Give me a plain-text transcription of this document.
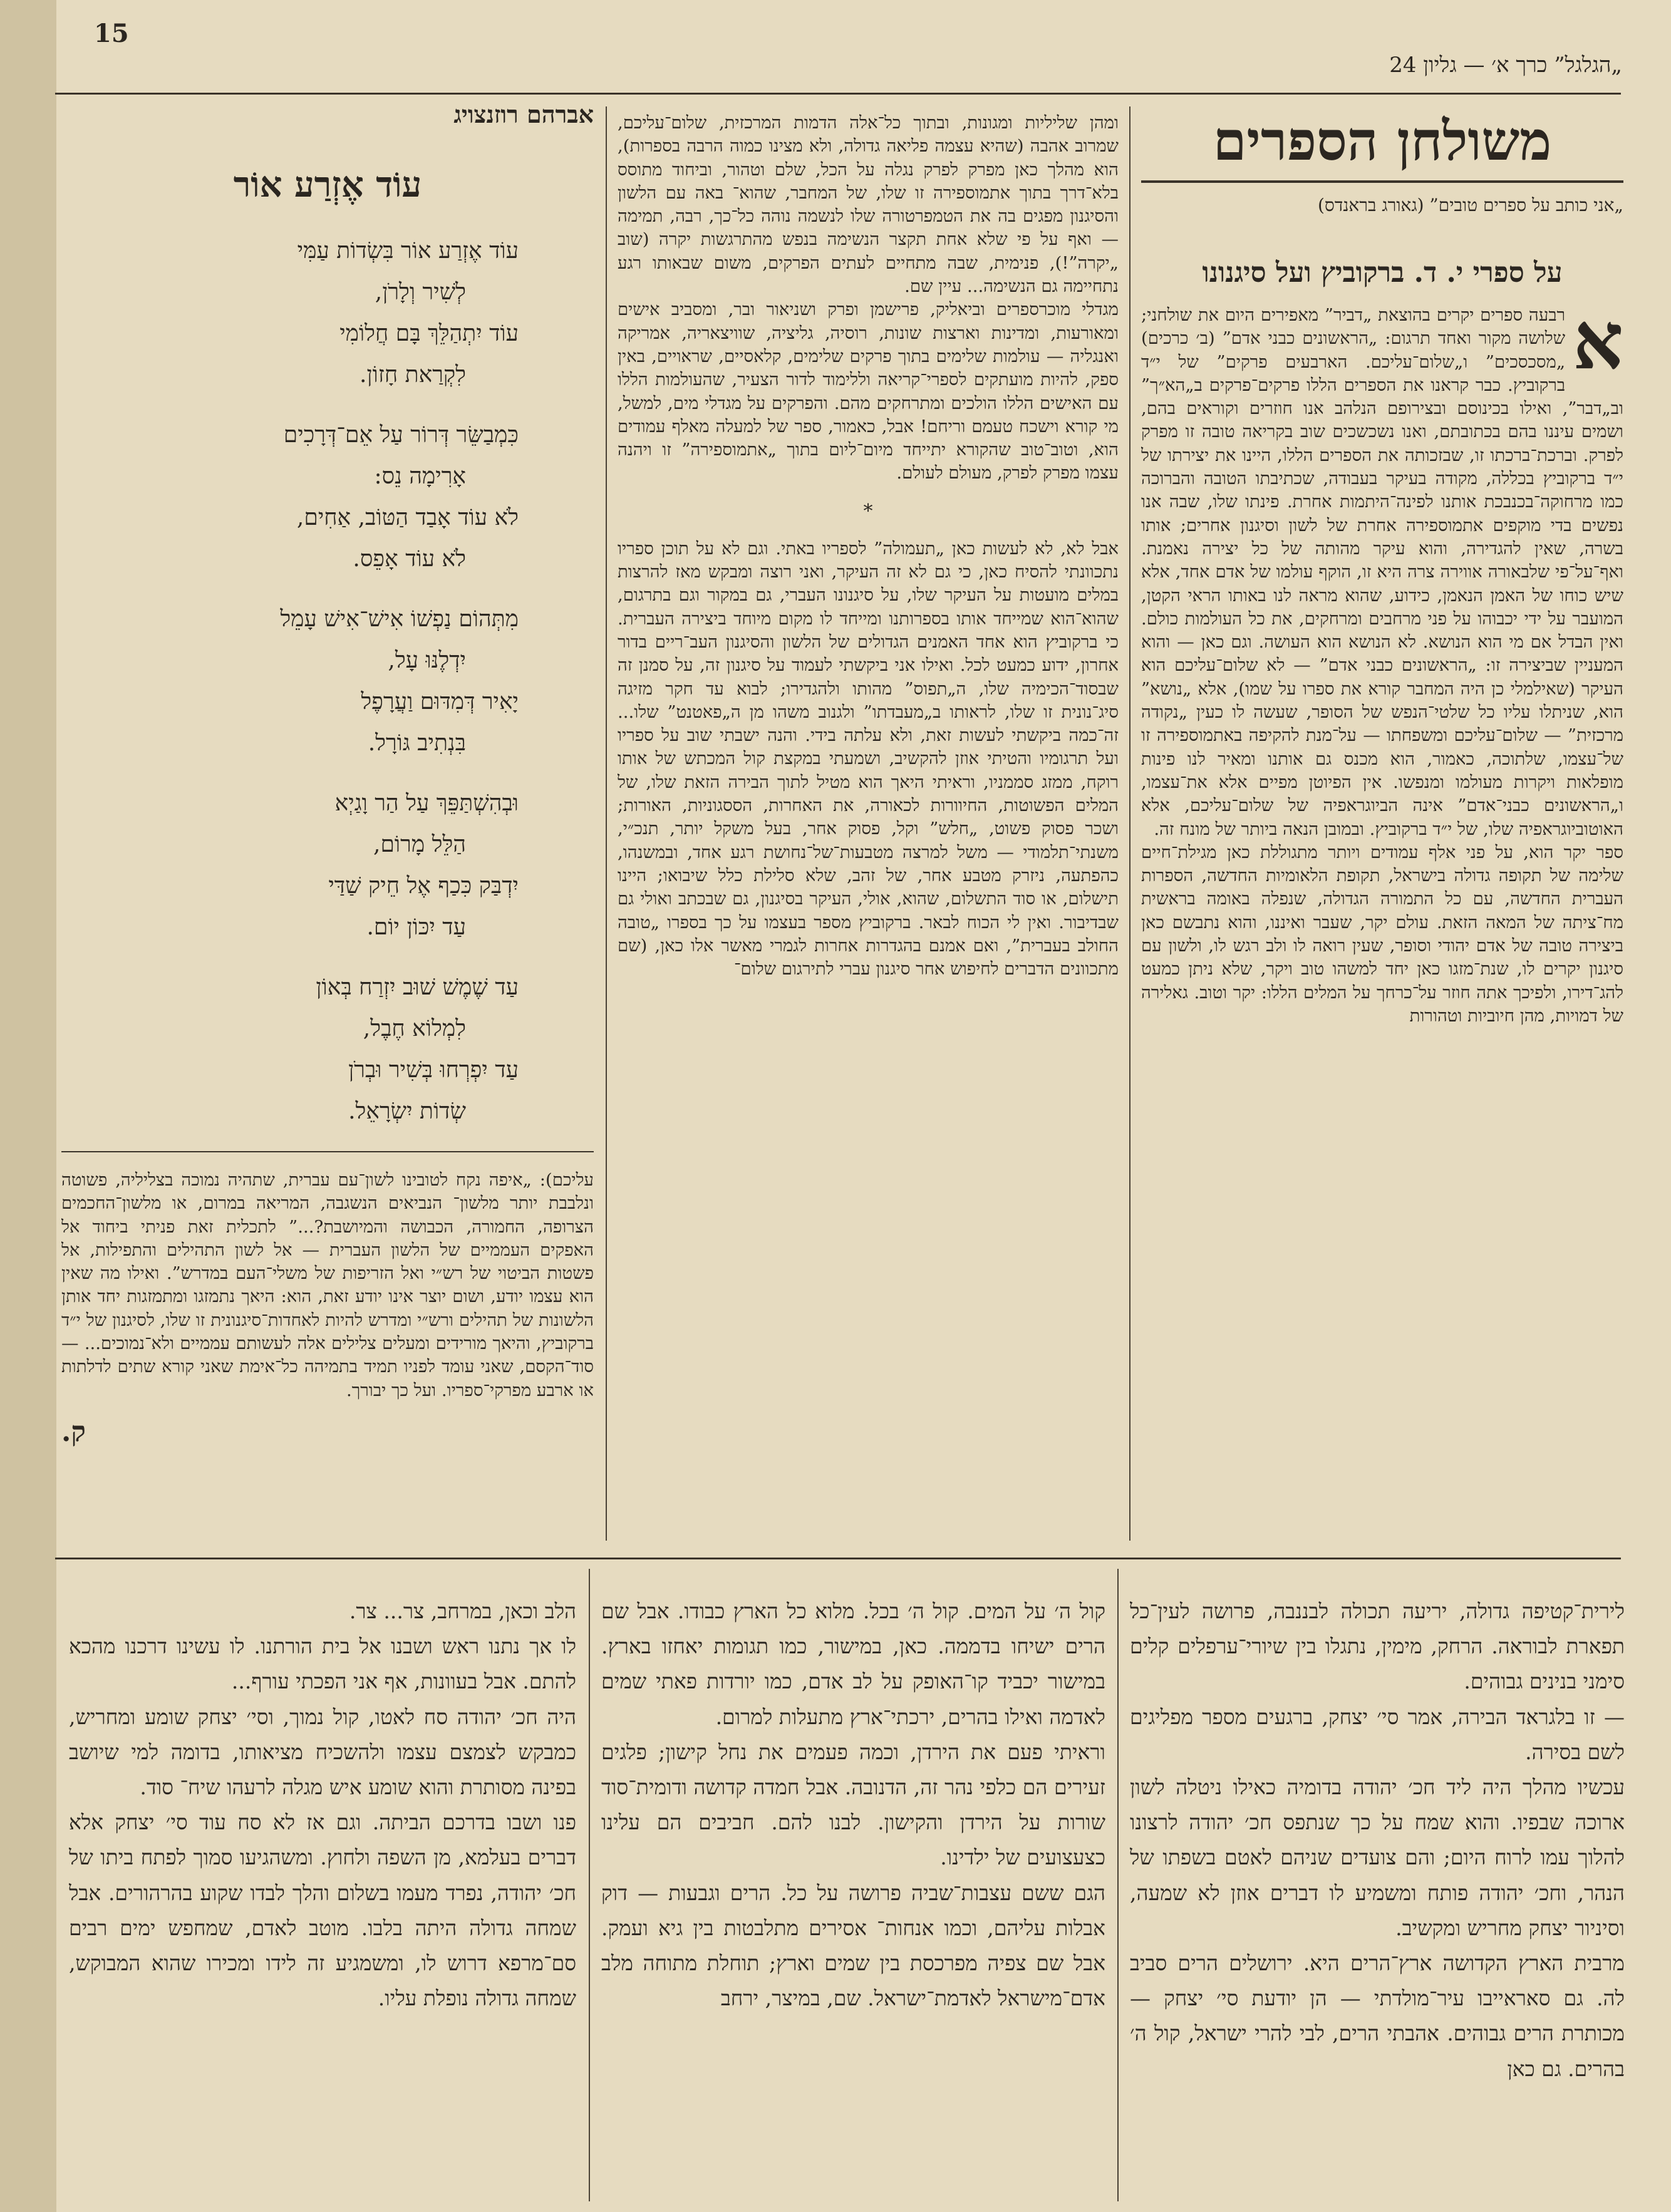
15
„הגלגל” כרך א׳ — גליון 24
משולחן הספרים
„אני כותב על ספרים טובים” (גאורג בראנדס)
על ספרי י. ד. ברקוביץ ועל סיגנונו
א
רבעה ספרים יקרים בהוצאת „דביר” מאפירים היום את שולחני; שלושה מקור ואחד תרגום: „הראשונים כבני אדם” (ב׳ כרכים) „מסכסכים” ו„שלום־עליכם. הארבעים פרקים” של י״ד ברקוביץ. כבר קראנו את הספרים הללו פרקים־פרקים ב„הא״ך” וב„דבר”, ואילו בכינוסם ובצירופם הנלהב אנו חוזרים וקוראים בהם, ושמים עיננו בהם בכתובתם, ואנו נשכשכים שוב בקריאה טובה זו מפרק לפרק. וברכת־ברכתו זו, שבזכותה את הספרים הללו, היינו את יצירתו של י״ד ברקוביץ בכללה, מקודה בעיקר בעבודה, שכתיבתו הטובה והברוכה כמו מרחוקה־בכנבכת אותנו לפינה־היתמות אחרת. פינתו שלו, שבה אנו נפשים בדי מוקפים אתמוספירה אחרת של לשון וסיגנון אחרים; אותו בשרה, שאין להגדירה, והוא עיקר מהותה של כל יצירה נאמנת. ואף־על־פי שלבאורה אווירה צרה היא זו, הוקף עולמו של אדם אחד, אלא שיש כוחו של האמן הנאמן, כידוע, שהוא מראה לנו באותו הראי הקטן, המועבר על ידי יכבוהו על פני מרחבים ומרחקים, את כל העולמות כולם. ואין הבדל אם מי הוא הנושא. לא הנושא הוא העושה. וגם כאן — והוא המעניין שביצירה זו: „הראשונים כבני אדם” — לא שלום־עליכם הוא העיקר (שאילמלי כן היה המחבר קורא את ספרו על שמו), אלא „נושא” הוא, שניתלו עליו כל שלטי־הנפש של הסופר, שעשה לו כעין „נקודה מרכזית” — שלום־עליכם ומשפחתו — על־מנת להקיפה באתמוספירה זו של־עצמו, שלתוכה, כאמור, הוא מכנס גם אותנו ומאיר לנו פינות מופלאות ויקרות מעולמו ומנפשו. אין הפיוטן מפיים אלא את־עצמו, ו„הראשונים כבני־אדם” אינה הביוגראפיה של שלום־עליכם, אלא האוטוביוגראפיה שלו, של י״ד ברקוביץ. ובמובן הנאה ביותר של מונח זה.
ספר יקר הוא, על פני אלף עמודים ויותר מתגוללת כאן מגילת־חיים שלימה של תקופה גדולה בישראל, תקופת הלאומיות החדשה, הספרות העברית החדשה, עם כל התמורה הגדולה, שנפלה באומה בראשית מח־ציתה של המאה הזאת. עולם יקר, שעבר ואיננו, והוא נתבשם כאן ביצירה טובה של אדם יהודי וסופר, שעין רואה לו ולב רגש לו, ולשון עם סיגנון יקרים לו, שנת־מזגו כאן יחד למשהו טוב ויקר, שלא ניתן כמעט להג־דירו, ולפיכך אתה חוזר על־כרחך על המלים הללו: יקר וטוב. גאלירה של דמויות, מהן חיוביות וטהורות
ומהן שליליות ומגונות, ובתוך כל־אלה הדמות המרכזית, שלום־עליכם, שמרוב אהבה (שהיא עצמה פליאה גדולה, ולא מצינו כמוה הרבה בספרות), הוא מהלך כאן מפרק לפרק נגלה על הכל, שלם וטהור, וביחוד מתוסס בלא־דרך בתוך אתמוספירה זו שלו, של המחבר, שהוא־ באה עם הלשון והסיגנון מפגים בה את הטמפרטורה שלו לנשמה נוהה כל־כך, רבה, תמימה — ואף על פי שלא אחת תקצר הנשימה בנפש מהתרגשות יקרה (שוב „יקרה”!), פנימית, שבה מתחיים לעתים הפרקים, משום שבאותו רגע נתחיימה גם הנשימה... עיין שם.
מגדלי מוכרספרים וביאליק, פרישמן ופרק ושניאור ובר, ומסביב אישים ומאורעות, ומדינות וארצות שונות, רוסיה, גליציה, שוויצאריה, אמריקה ואנגליה — עולמות שלימים בתוך פרקים שלימים, קלאסיים, שראויים, באין ספק, להיות מועתקים לספרי־קריאה וללימוד לדור הצעיר, שהעולמות הללו עם האישים הללו הולכים ומתרחקים מהם. והפרקים על מגדלי מים, למשל, מי קורא וישכח טעמם וריחם! אבל, כאמור, ספר של למעלה מאלף עמודים הוא, וטוב־טוב שהקורא יתייחד מיום־ליום בתוך „אתמוספירה” זו ויהנה עצמו מפרק לפרק, מעולם לעולם.
*
אבל לא, לא לעשות כאן „תעמולה” לספריו באתי. וגם לא על תוכן ספריו נתכוונתי להסיח כאן, כי גם לא זה העיקר, ואני רוצה ומבקש מאז להרצות במלים מועטות על העיקר שלו, על סיגנונו העברי, גם במקור וגם בתרגום, שהוא־הוא שמייחד אותו בספרותנו ומייחד לו מקום מיוחד ביצירה העברית. כי ברקוביץ הוא אחד האמנים הגדולים של הלשון והסיגנון העב־ריים בדור אחרון, ידוע כמעט לכל. ואילו אני ביקשתי לעמוד על סיגנון זה, על סמנן זה שבסוד־הכימיה שלו, ה„תפוס” מהותו ולהגדירו; לבוא עד חקר מזיגה סיג־נונית זו שלו, לראותו ב„מעבדתו” ולגנוב משהו מן ה„פאטנט” שלו... זה־כמה ביקשתי לעשות זאת, ולא עלתה בידי. והנה ישבתי שוב על ספריו ועל תרגומיו והטיתי אוזן להקשיב, ושמעתי במקצת קול המכתש של אותו רוקח, ממזג סממניו, וראיתי היאך הוא מטיל לתוך הבירה הזאת שלו, של המלים הפשוטות, החיוורות לכאורה, את האחרות, הססגוניות, האורות; ושכר פסוק פשוט, „חלש” וקל, פסוק אחר, בעל משקל יותר, תנכ״י, משנתי־תלמודי — משל למרצה מטבעות־של־נחושת רגע אחד, ובמשנהו, כהפתעה, ניזרק מטבע אחר, של זהב, שלא סלילת כלל שיבואו; היינו תישלום, או סוד התשלום, שהוא, אולי, העיקר בסיגנון, גם שבכתב ואולי גם שבדיבור. ואין לי הכוח לבאר. ברקוביץ מספר בעצמו על כך בספרו „טובה החולב בעברית”, ואם אמנם בהגדרות אחרות לגמרי מאשר אלו כאן, (שם מתכוונים הדברים לחיפוש אחר סיגנון עברי לתירגום שלום־
אברהם רוזנצויג
עוֹד אֶזְרַע אוֹר
עוֹד אֶזְרַע אוֹר בִּשְׂדוֹת עַמִּי
לְשִׁיר וְלָרֹן,
עוֹד יִתְהַלֵּךְ בָּם חֲלוֹמִי
לִקְרַאת חָזוֹן.
כִּמְבַשֵּׂר דְּרוֹר עַל אֵם־דְּרָכִים
אָרִימָה נֵס:
לֹא עוֹד אָבַד הַטּוֹב, אַחִים,
לֹא עוֹד אָפֵס.
מִתְּהוֹם נַפְשׁוֹ אִישׁ־אִישׁ עָמֵל
יִדְלֶנּוּ עָל,
יָאִיר דְּמִדּוּם וַעֲרָפֶל
בִּנְתִיב גּוֹרָל.
וּבְהִשְׁתַּפֵּךְ עַל הַר וָגַיְא
הַלֵּל מָרוֹם,
יִדְבַּק כִּכַף אֶל חֵיק שַׁדַּי
עַד יִכּוֹן יוֹם.
עַד שֶׁמֶשׁ שׁוּב יִזְרַח בְּאוֹן
לִמְלוֹא חֶבֶל,
עַד יִפְרְחוּ בְּשִׁיר וּבְרֹן
שְׂדוֹת יִשְׂרָאֵל.
עליכם): „איפה נקח לטובינו לשון־עם עברית, שתהיה נמוכה בצליליה, פשוטה ונלבבת יותר מלשון־ הנביאים הנשגבה, המריאה במרום, או מלשון־החכמים הצרופה, החמורה, הכבושה והמיושבת?...” לתכלית זאת פניתי ביחוד אל האפקים העממיים של הלשון העברית — אל לשון התהילים והתפילות, אל פשטות הביטוי של רש״י ואל הזריפות של משלי־העם במדרש”. ואילו מה שאין הוא עצמו יודע, ושום יוצר אינו יודע זאת, הוא: היאך נתמזגו ומתמזגות יחד אותן הלשונות של תהילים ורש״י ומדרש להיות לאחדות־סיגנונית זו שלו, לסיגנון של י״ד ברקוביץ, והיאך מורידים ומעלים צלילים אלה לעשותם עממיים ולא־נמוכים... — סוד־הקסם, שאני עומד לפניו תמיד בתמיהה כל־אימת שאני קורא שתים לדלתות או ארבע מפרקי־ספריו. ועל כך יבורך.
ק.
לירי​ת־קטיפה גדולה, יריעה תכולה לבננבה, פרושה לעין־כל תפארת לבוראה. הרחק, מימין, נתגלו בין שיורי־ערפלים קלים סימני בנינים גבוהים.
— זו בלגראד הבירה, אמר סי׳ יצחק, ברגעים מספר מפליגים לשם בסירה.
עכשיו מהלך היה ליד חכ׳ יהודה בדומיה כאילו ניטלה לשון ארוכה שבפיו. והוא שמח על כך שנתפס חכ׳ יהודה לרצונו להלוך עמו לרוח היום; והם צועדים שניהם לאטם בשפתו של הנהר, וחכ׳ יהודה פותח ומשמיע לו דברים אוזן לא שמעה, וסיניור יצחק מחריש ומקשיב.
מרבית הארץ הקדושה ארץ־הרים היא. ירושלים הרים סביב לה. גם סאראייבו עיר־מולדתי — הן יודעת סי׳ יצחק — מכותרת הרים גבוהים. אהבתי הרים, לבי להרי ישראל, קול ה׳ בהרים. גם כאן
קול ה׳ על המים. קול ה׳ בכל. מלוא כל הארץ כבודו. אבל שם הרים ישיחו בדממה. כאן, במישור, כמו תגומות יאחזו בארץ. במישור יכביד קו־האופק על לב אדם, כמו יורדות פאתי שמים לאדמה ואילו בהרים, ירכתי־ארץ מתעלות למרום.
וראיתי פעם את הירדן, וכמה פעמים את נחל קישון; פלגים זעירים הם כלפי נהר זה, הדנובה. אבל חמדה קדושה ודומית־סוד שורות על הירדן והקישון. לבנו להם. חביבים הם עלינו כצעצועים של ילדינו.
הגם ששם עצבות־שביה פרושה על כל. הרים וגבעות — דוק אבלות עליהם, וכמו אנחות־ אסירים מתלבטות בין גיא ועמק. אבל שם צפיה מפרכסת בין שמים וארץ; תוחלת מתוחה מלב אדם־מישראל לאדמת־ישראל. שם, במיצר, ירחב
הלב וכאן, במרחב, צר... צר.
לו אך נתנו ראש ושבנו אל בית הורתנו. לו עשינו דרכנו מהכא להתם. אבל בעוונות, אף אני הפכתי עורף...
היה חכ׳ יהודה סח לאטו, קול נמוך, וסי׳ יצחק שומע ומחריש, כמבקש לצמצם עצמו ולהשכיח מציאותו, בדומה למי שיושב בפינה מסותרת והוא שומע איש מגלה לרעהו שיח־ סוד.
פנו ושבו בדרכם הביתה. וגם אז לא סח עוד סי׳ יצחק אלא דברים בעלמא, מן השפה ולחוץ. ומשהגיעו סמוך לפתח ביתו של חכ׳ יהודה, נפרד מעמו בשלום והלך לבדו שקוע בהרהורים. אבל שמחה גדולה היתה בלבו. מוטב לאדם, שמחפש ימים רבים סם־מרפא דרוש לו, ומשמגיע זה לידו ומכירו שהוא המבוקש, שמחה גדולה נופלת עליו.
